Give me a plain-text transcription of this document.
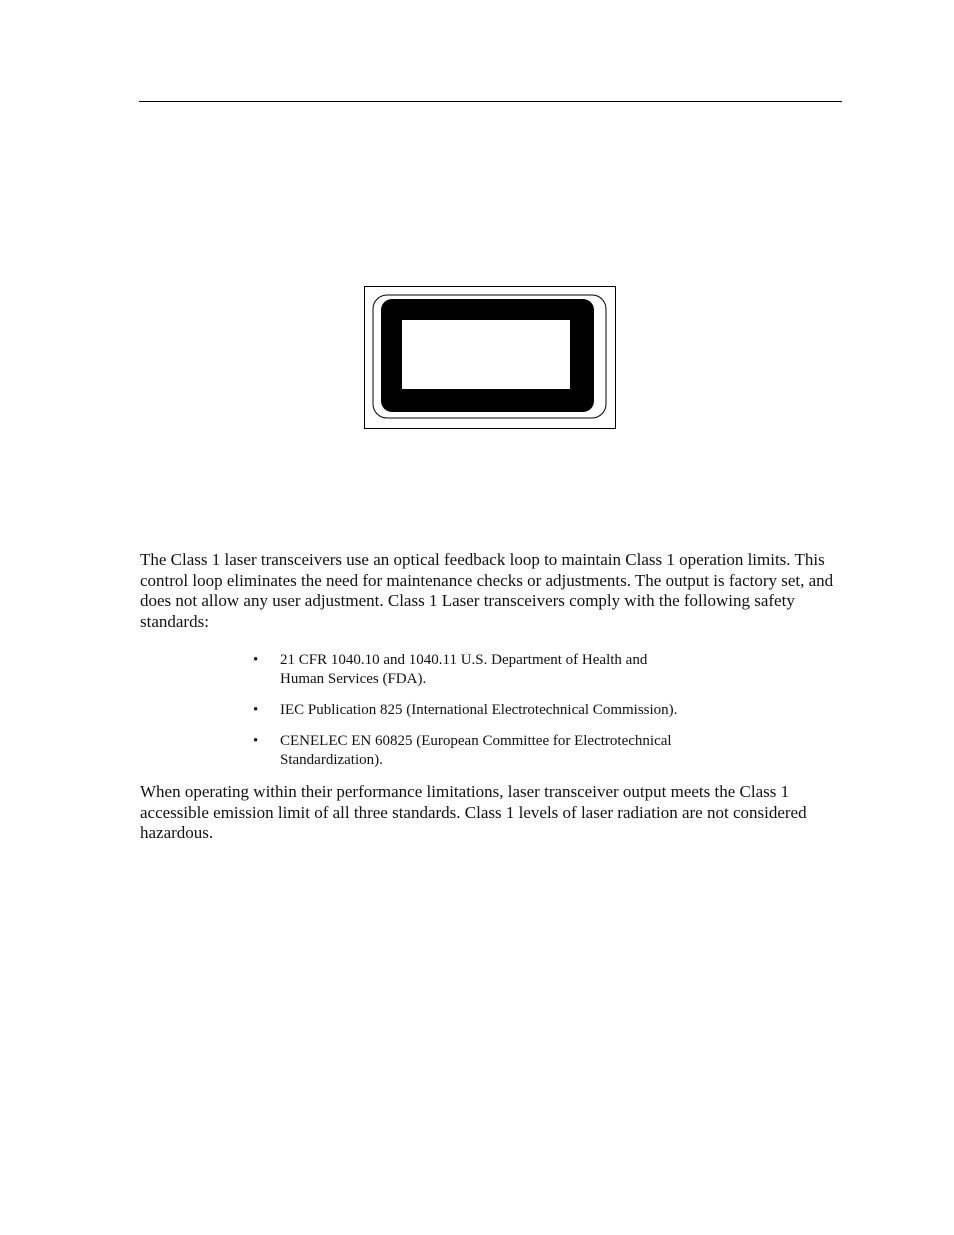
The Class 1 laser transceivers use an optical feedback loop to maintain Class 1 operation limits. This control loop eliminates the need for maintenance checks or adjustments. The output is factory set, and does not allow any user adjustment. Class 1 Laser transceivers comply with the following safety standards:

• 21 CFR 1040.10 and 1040.11 U.S. Department of Health and
Human Services (FDA).
• IEC Publication 825 (International Electrotechnical Commission).
• CENELEC EN 60825 (European Committee for Electrotechnical
Standardization).

When operating within their performance limitations, laser transceiver output meets the Class 1 accessible emission limit of all three standards. Class 1 levels of laser radiation are not considered hazardous.
